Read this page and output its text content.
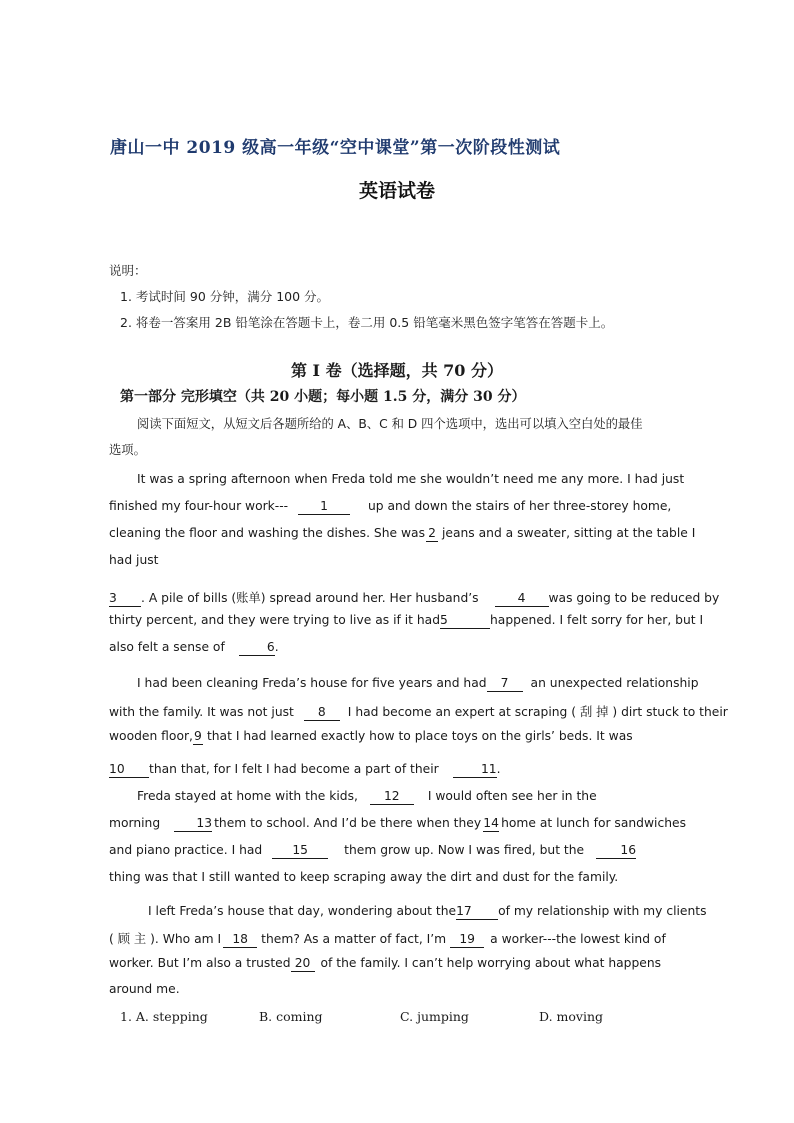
唐山一中 2019 级高一年级“空中课堂”第一次阶段性测试
英语试卷
说明：
1. 考试时间 90 分钟，满分 100 分。
2. 将卷一答案用 2B 铅笔涂在答题卡上，卷二用 0.5 铅笔毫米黑色签字笔答在答题卡上。
第 I 卷（选择题，共 70 分）
第一部分 完形填空（共 20 小题；每小题 1.5 分，满分 30 分）
阅读下面短文，从短文后各题所给的 A、B、C 和 D 四个选项中，选出可以填入空白处的最佳
选项。
It was a spring afternoon when Freda told me she wouldn’t need me any more. I had just
finished my four-hour work---	1	up and down the stairs of her three-storey home,
cleaning the floor and washing the dishes. She was 2 jeans and a sweater, sitting at the table I
had just
3 . A pile of bills (账单) spread around her. Her husband’s	4 was going to be reduced by
thirty percent, and they were trying to live as if it had5	happened. I felt sorry for her, but I
also felt a sense of	6.
I had been cleaning Freda’s house for five years and had 7 an unexpected relationship
with the family. It was not just 8 I had become an expert at scraping ( 刮 掉 ) dirt stuck to their
wooden floor,9 that I had learned exactly how to place toys on the girls’ beds. It was
10 than that, for I felt I had become a part of their	11.
Freda stayed at home with the kids, 12 I would often see her in the
morning	13 them to school. And I’d be there when they 14 home at lunch for sandwiches
and piano practice. I had 15	them grow up. Now I was fired, but the	16
thing was that I still wanted to keep scraping away the dirt and dust for the family.
I left Freda’s house that day, wondering about the17 of my relationship with my clients
( 顾 主 ). Who am I 18 them? As a matter of fact, I’m 19 a worker---the lowest kind of
worker. But I’m also a trusted 20 of the family. I can’t help worrying about what happens
around me.
1. A. stepping	B. coming	C. jumping	D. moving
